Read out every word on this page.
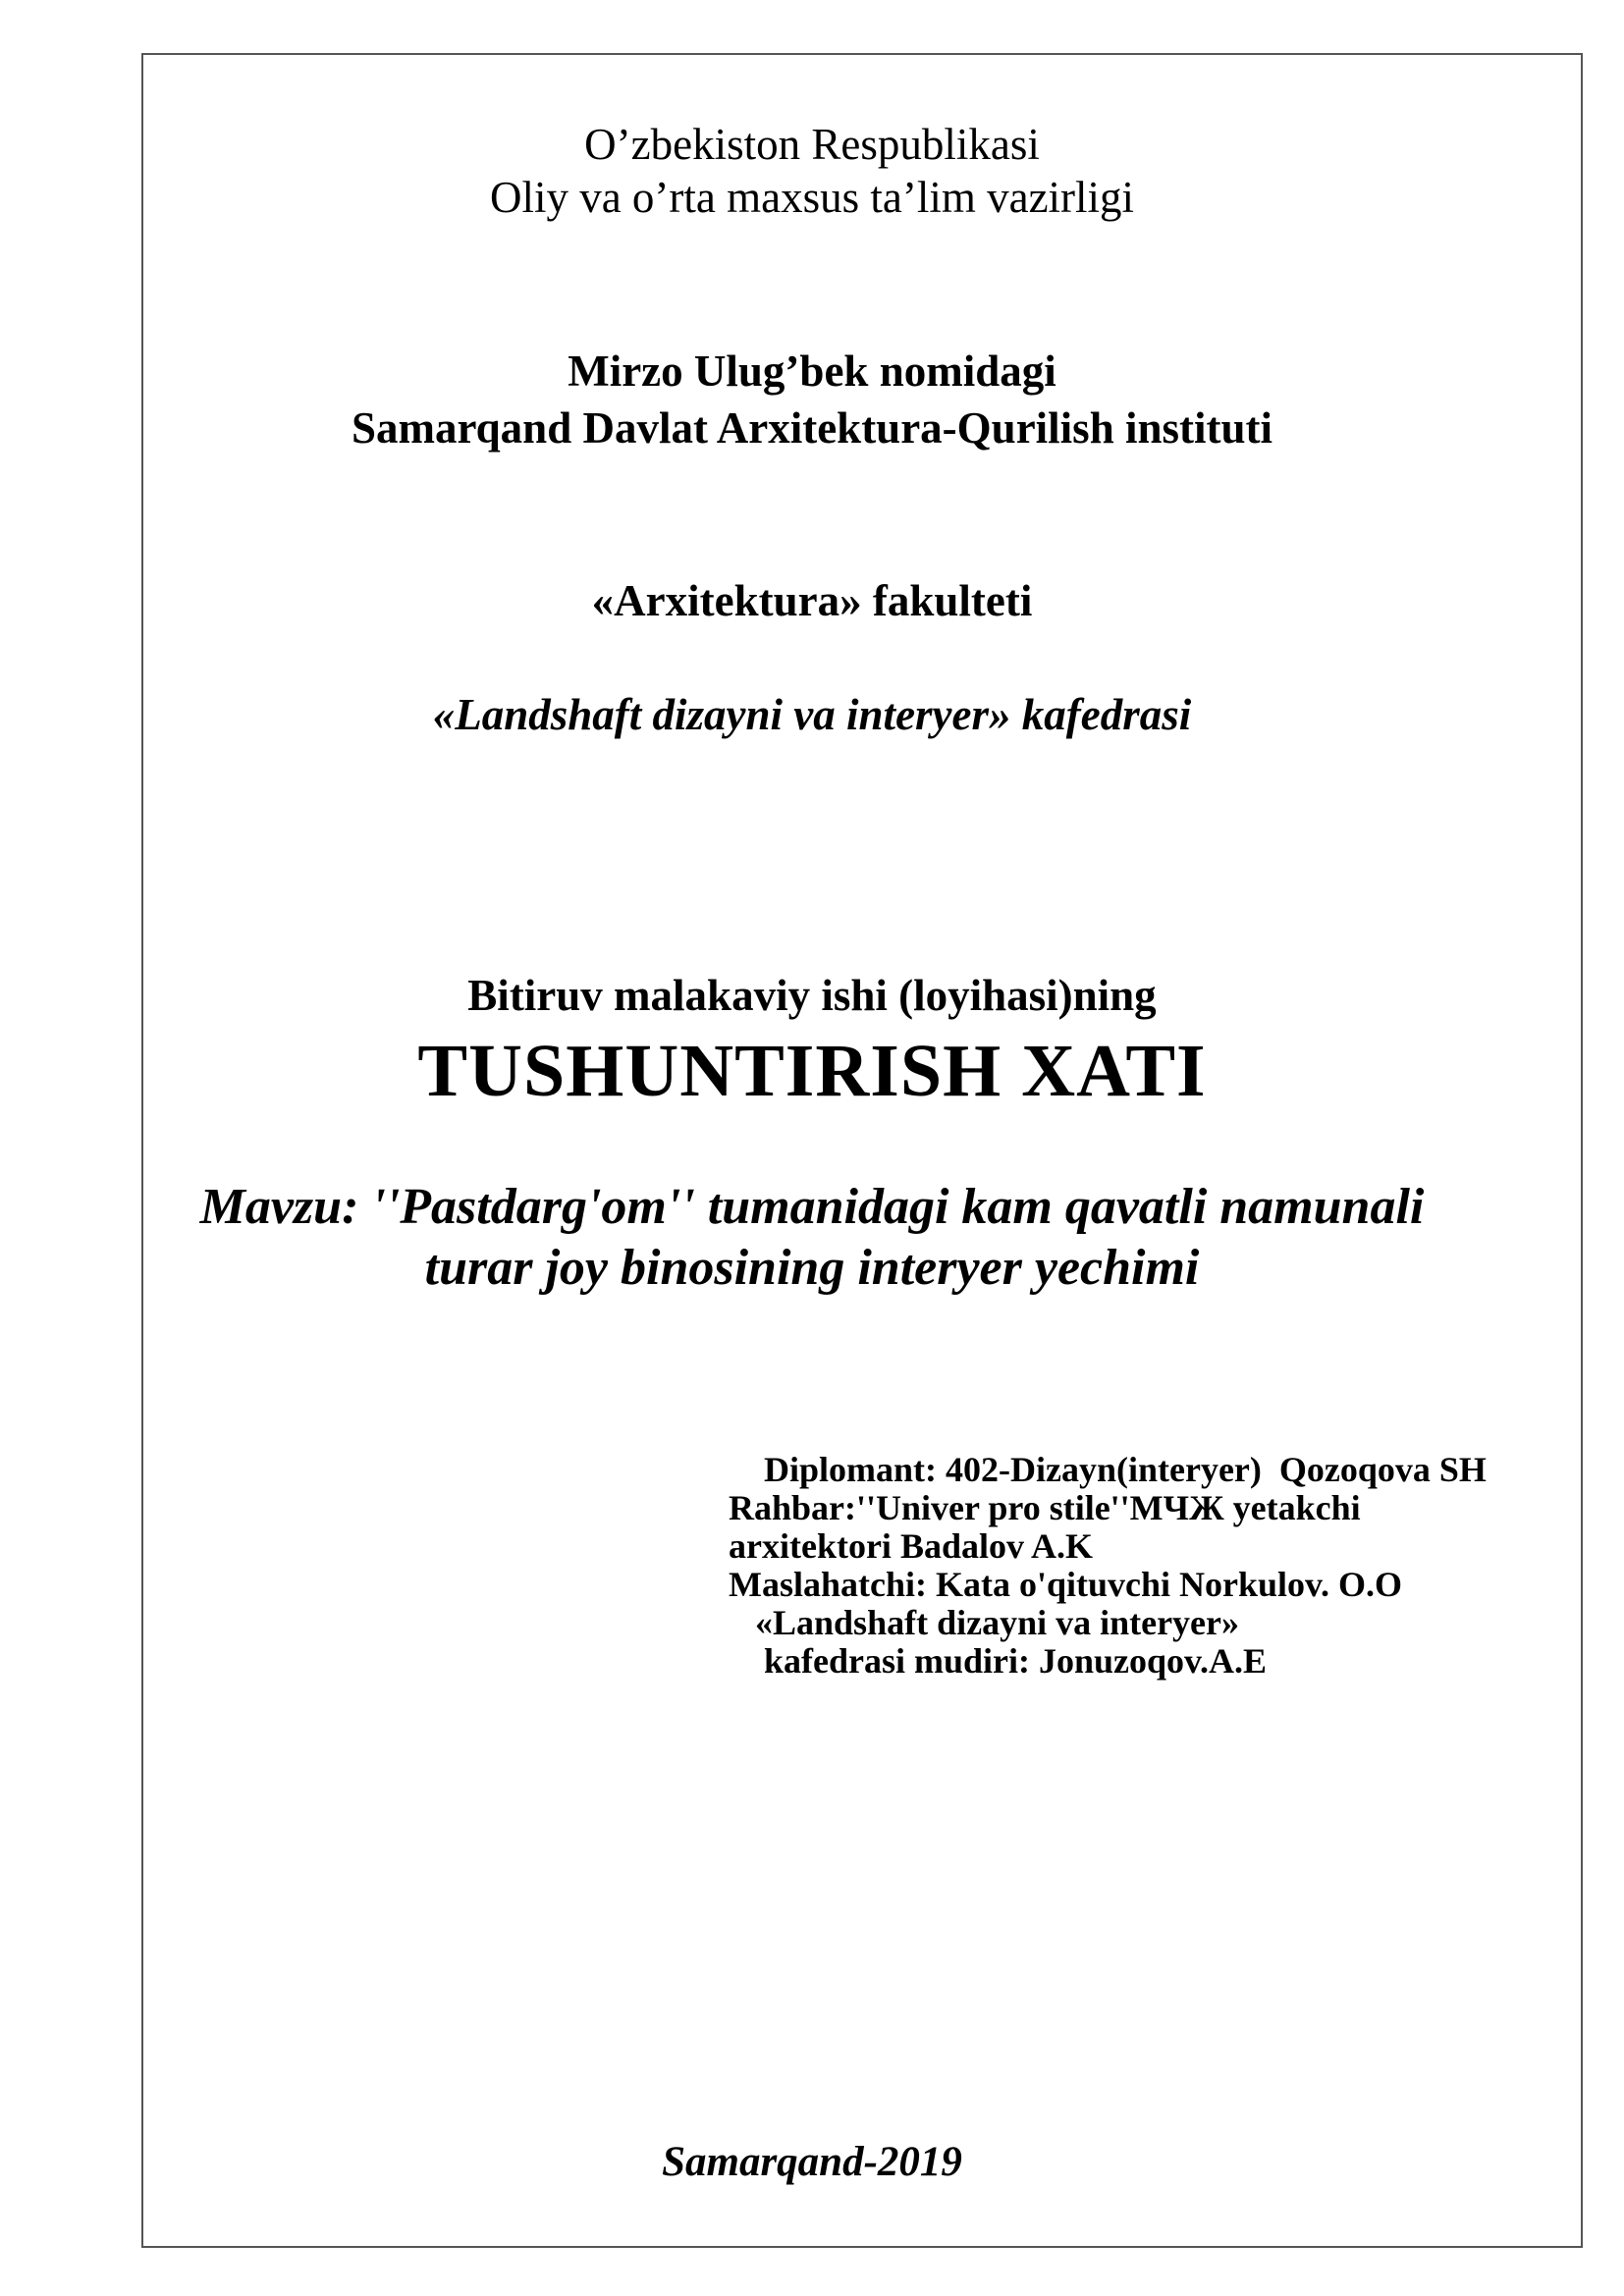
O’zbekiston Respublikasi
Oliy va o’rta maxsus ta’lim vazirligi
Mirzo Ulug’bek nomidagi
Samarqand Davlat Arxitektura-Qurilish instituti
«Arxitektura» fakulteti
«Landshaft dizayni va interyer» kafedrasi
Bitiruv malakaviy ishi (loyihasi)ning
TUSHUNTIRISH XATI
Mavzu: ''Pastdarg'om'' tumanidagi kam qavatli namunali
turar joy binosining interyer yechimi
Diplomant: 402-Dizayn(interyer)  Qozoqova SH
Rahbar:''Univer pro stile''МЧЖ yetakchi
arxitektori Badalov A.K
Maslahatchi: Kata o'qituvchi Norkulov. O.O
«Landshaft dizayni va interyer»
kafedrasi mudiri: Jonuzoqov.A.E
Samarqand-2019
